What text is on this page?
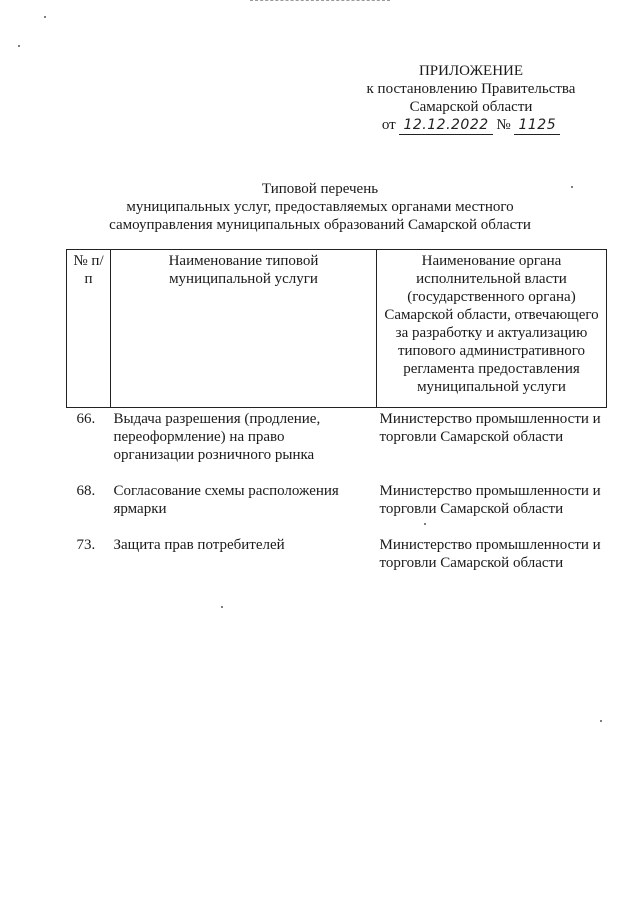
ПРИЛОЖЕНИЕ
к постановлению Правительства
Самарской области
от 12.12.2022 № 1125
Типовой перечень
муниципальных услуг, предоставляемых органами местного
самоуправления муниципальных образований Самарской области
№ п/п	Наименование типовой муниципальной услуги	Наименование органа исполнительной власти (государственного органа) Самарской области, отвечающего за разработку и актуализацию типового административного регламента предоставления муниципальной услуги
66.	Выдача разрешения (продление, переоформление) на право организации розничного рынка	Министерство промышленности и торговли Самарской области
68.	Согласование схемы расположения ярмарки	Министерство промышленности и торговли Самарской области
73.	Защита прав потребителей	Министерство промышленности и торговли Самарской области
